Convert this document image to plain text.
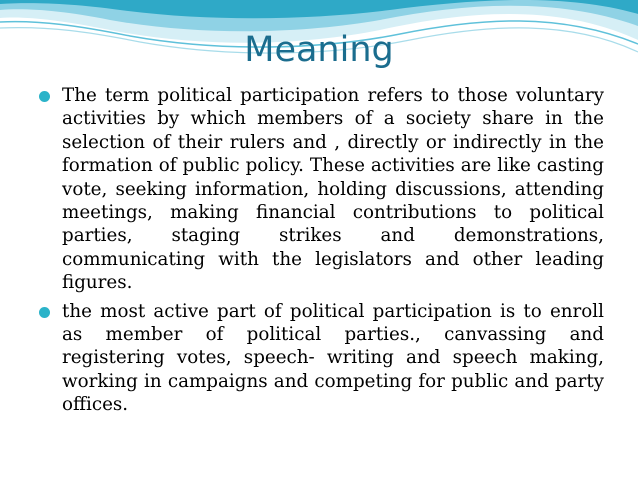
Meaning
The term political participation refers to those voluntary activities by which members of a society share in the selection of their rulers and , directly or indirectly in the formation of public policy. These activities are like casting vote, seeking information, holding discussions, attending meetings, making financial contributions to political parties, staging strikes and demonstrations, communicating with the legislators and other leading figures.
the most active part of political participation is to enroll as member of political parties., canvassing and registering votes, speech- writing and speech making, working in campaigns and competing for public and party offices.
